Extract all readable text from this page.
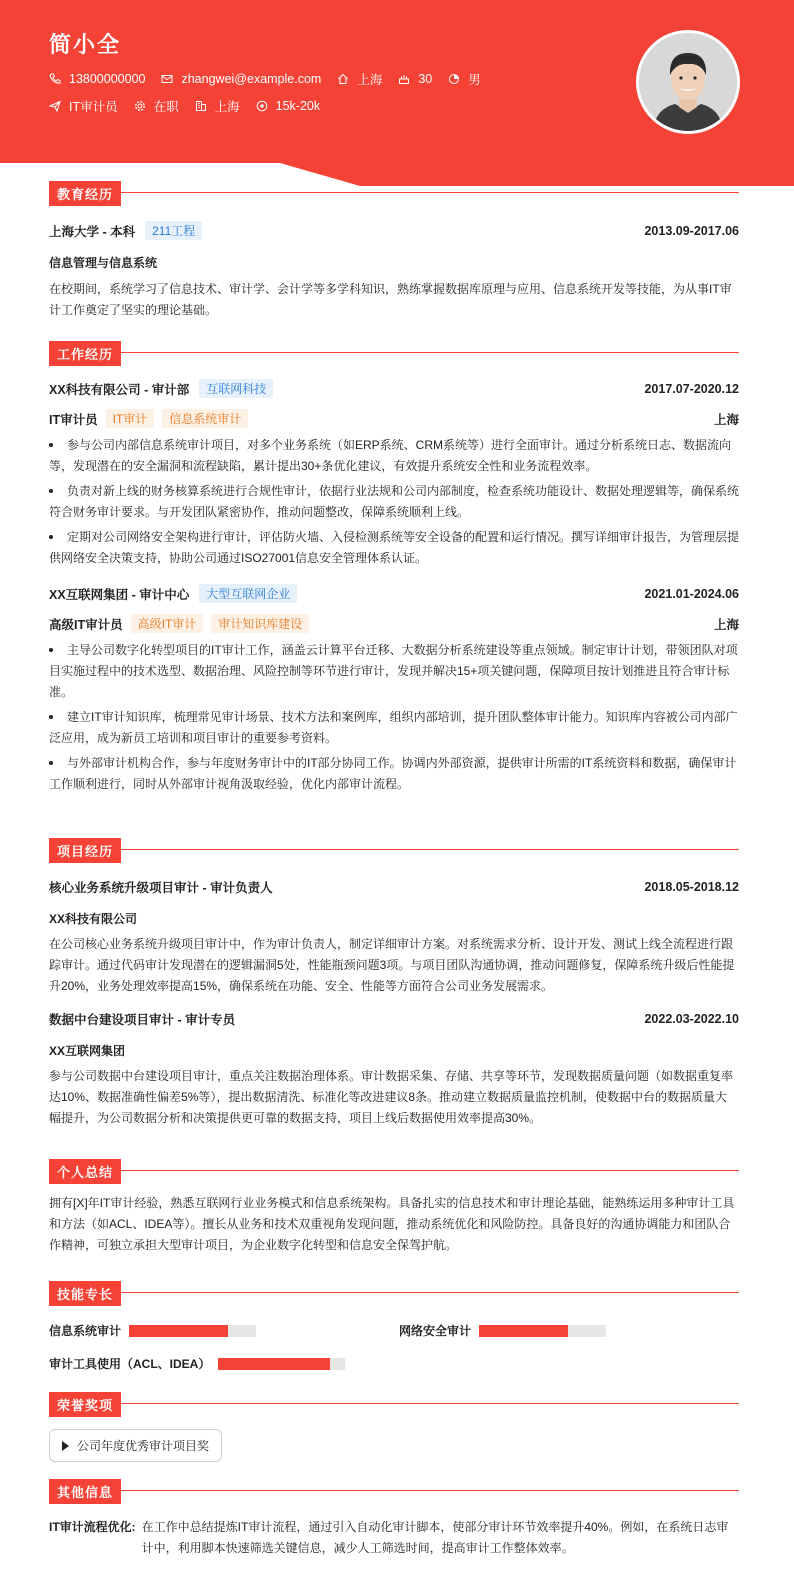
简小全
13800000000	zhangwei@example.com	上海	30	男
IT审计员	在职	上海	15k-20k
教育经历
上海大学 - 本科	211工程	2013.09-2017.06
信息管理与信息系统
在校期间，系统学习了信息技术、审计学、会计学等多学科知识，熟练掌握数据库原理与应用、信息系统开发等技能，为从事IT审计工作奠定了坚实的理论基础。
工作经历
XX科技有限公司 - 审计部	互联网科技	2017.07-2020.12
IT审计员	IT审计	信息系统审计	上海
参与公司内部信息系统审计项目，对多个业务系统（如ERP系统、CRM系统等）进行全面审计。通过分析系统日志、数据流向等，发现潜在的安全漏洞和流程缺陷，累计提出30+条优化建议，有效提升系统安全性和业务流程效率。
负责对新上线的财务核算系统进行合规性审计，依据行业法规和公司内部制度，检查系统功能设计、数据处理逻辑等，确保系统符合财务审计要求。与开发团队紧密协作，推动问题整改，保障系统顺利上线。
定期对公司网络安全架构进行审计，评估防火墙、入侵检测系统等安全设备的配置和运行情况。撰写详细审计报告，为管理层提供网络安全决策支持，协助公司通过ISO27001信息安全管理体系认证。
XX互联网集团 - 审计中心	大型互联网企业	2021.01-2024.06
高级IT审计员	高级IT审计	审计知识库建设	上海
主导公司数字化转型项目的IT审计工作，涵盖云计算平台迁移、大数据分析系统建设等重点领域。制定审计计划，带领团队对项目实施过程中的技术选型、数据治理、风险控制等环节进行审计，发现并解决15+项关键问题，保障项目按计划推进且符合审计标准。
建立IT审计知识库，梳理常见审计场景、技术方法和案例库，组织内部培训，提升团队整体审计能力。知识库内容被公司内部广泛应用，成为新员工培训和项目审计的重要参考资料。
与外部审计机构合作，参与年度财务审计中的IT部分协同工作。协调内外部资源，提供审计所需的IT系统资料和数据，确保审计工作顺利进行，同时从外部审计视角汲取经验，优化内部审计流程。
项目经历
核心业务系统升级项目审计 - 审计负责人	2018.05-2018.12
XX科技有限公司
在公司核心业务系统升级项目审计中，作为审计负责人，制定详细审计方案。对系统需求分析、设计开发、测试上线全流程进行跟踪审计。通过代码审计发现潜在的逻辑漏洞5处，性能瓶颈问题3项。与项目团队沟通协调，推动问题修复，保障系统升级后性能提升20%，业务处理效率提高15%，确保系统在功能、安全、性能等方面符合公司业务发展需求。
数据中台建设项目审计 - 审计专员	2022.03-2022.10
XX互联网集团
参与公司数据中台建设项目审计，重点关注数据治理体系。审计数据采集、存储、共享等环节，发现数据质量问题（如数据重复率达10%、数据准确性偏差5%等），提出数据清洗、标准化等改进建议8条。推动建立数据质量监控机制，使数据中台的数据质量大幅提升，为公司数据分析和决策提供更可靠的数据支持，项目上线后数据使用效率提高30%。
个人总结
拥有[X]年IT审计经验，熟悉互联网行业业务模式和信息系统架构。具备扎实的信息技术和审计理论基础，能熟练运用多种审计工具和方法（如ACL、IDEA等）。擅长从业务和技术双重视角发现问题，推动系统优化和风险防控。具备良好的沟通协调能力和团队合作精神，可独立承担大型审计项目，为企业数字化转型和信息安全保驾护航。
技能专长
信息系统审计	网络安全审计
审计工具使用（ACL、IDEA）
荣誉奖项
公司年度优秀审计项目奖
其他信息
IT审计流程优化: 在工作中总结提炼IT审计流程，通过引入自动化审计脚本，使部分审计环节效率提升40%。例如，在系统日志审计中，利用脚本快速筛选关键信息，减少人工筛选时间，提高审计工作整体效率。
